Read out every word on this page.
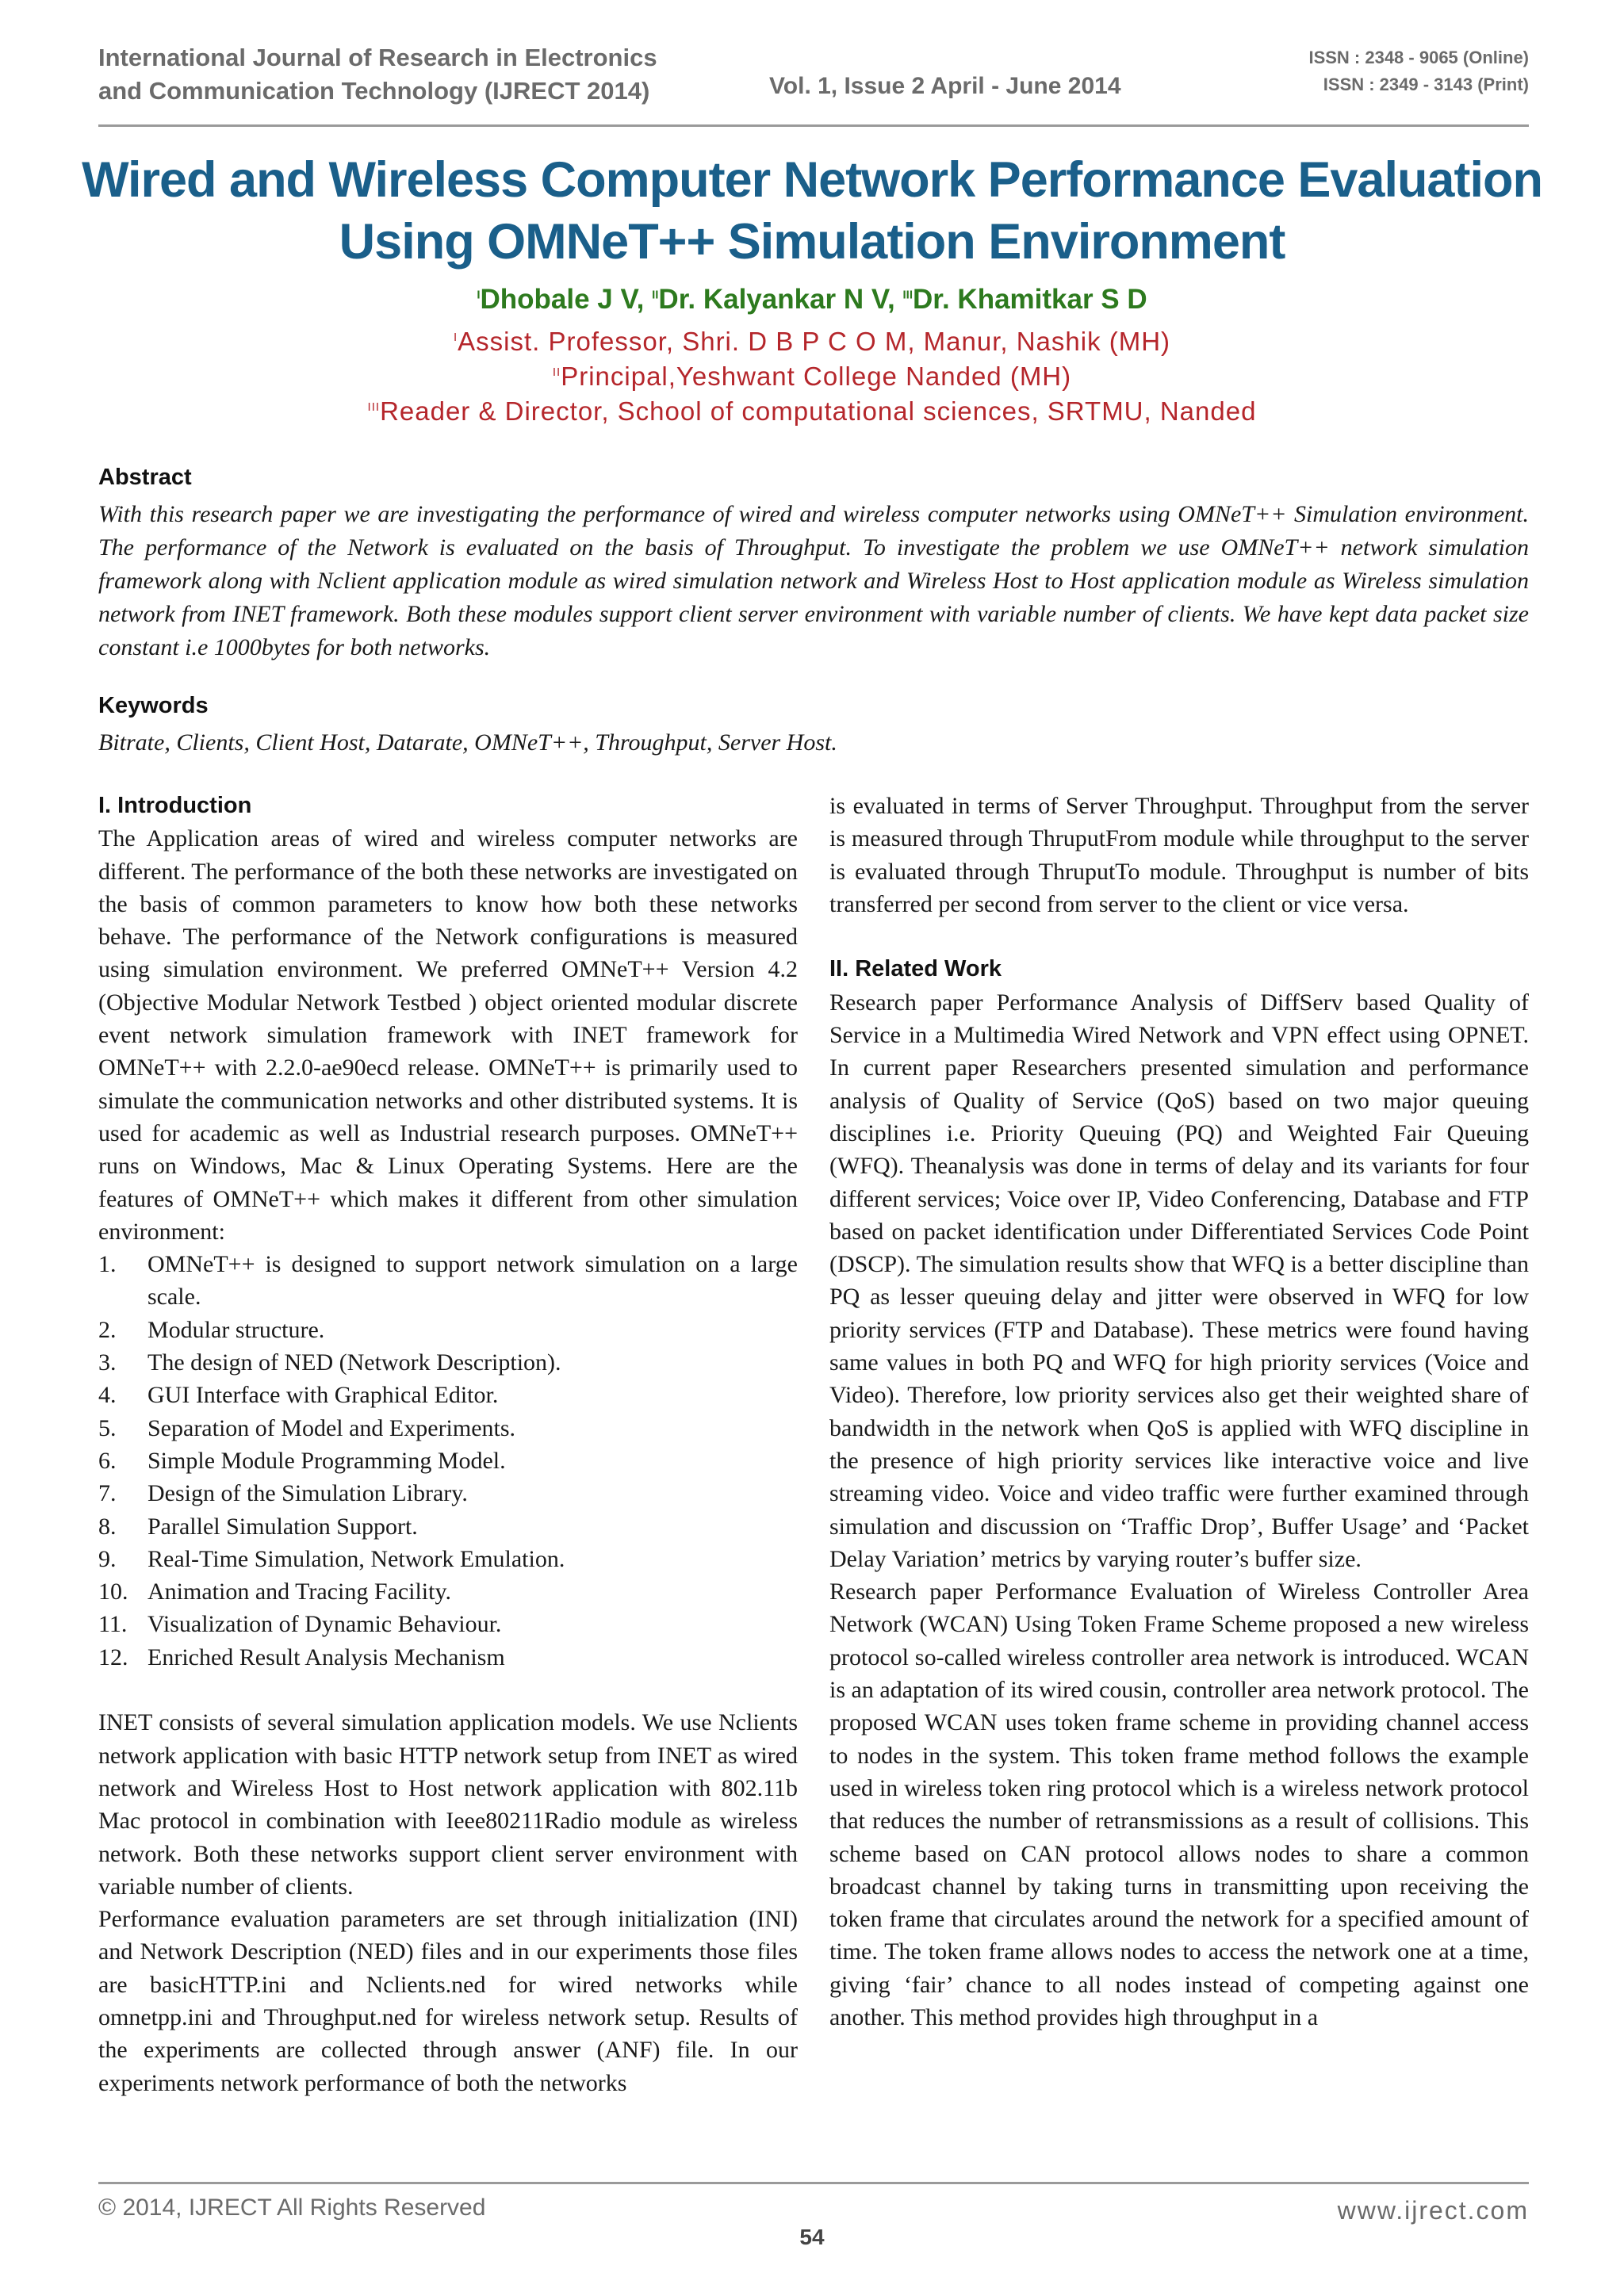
International Journal of Research in Electronics
and Communication Technology (IJRECT 2014)	Vol. 1, Issue 2 April - June 2014
ISSN : 2348 - 9065 (Online)
ISSN : 2349 - 3143 (Print)
Wired and Wireless Computer Network Performance Evaluation
Using OMNeT++ Simulation Environment
$^I$Dhobale J V, $^{II}$Dr. Kalyankar N V, $^{III}$Dr. Khamitkar S D
$^I$Assist. Professor, Shri. D B P C O M, Manur, Nashik (MH)
$^{II}$Principal,Yeshwant College Nanded (MH)
$^{III}$Reader & Director, School of computational sciences, SRTMU, Nanded
Abstract
With this research paper we are investigating the performance of wired and wireless computer networks using OMNeT++ Simulation environment. The performance of the Network is evaluated on the basis of Throughput. To investigate the problem we use OMNeT++ network simulation framework along with Nclient application module as wired simulation network and Wireless Host to Host application module as Wireless simulation network from INET framework. Both these modules support client server environment with variable number of clients. We have kept data packet size constant i.e 1000bytes for both networks.
Keywords
Bitrate, Clients, Client Host, Datarate, OMNeT++, Throughput, Server Host.
I. Introduction

The Application areas of wired and wireless computer networks are different. The performance of the both these networks are investigated on the basis of common parameters to know how both these networks behave. The performance of the Network configurations is measured using simulation environment. We preferred OMNeT++ Version 4.2 (Objective Modular Network Testbed ) object oriented modular discrete event network simulation framework with INET framework for OMNeT++ with 2.2.0-ae90ecd release. OMNeT++ is primarily used to simulate the communication networks and other distributed systems. It is used for academic as well as Industrial research purposes. OMNeT++ runs on Windows, Mac & Linux Operating Systems. Here are the features of OMNeT++ which makes it different from other simulation environment:

1. OMNeT++ is designed to support network simulation on a large scale.
2. Modular structure.
3. The design of NED (Network Description).
4. GUI Interface with Graphical Editor.
5. Separation of Model and Experiments.
6. Simple Module Programming Model.
7. Design of the Simulation Library.
8. Parallel Simulation Support.
9. Real-Time Simulation, Network Emulation.
10. Animation and Tracing Facility.
11. Visualization of Dynamic Behaviour.
12. Enriched Result Analysis Mechanism

INET consists of several simulation application models. We use Nclients network application with basic HTTP network setup from INET as wired network and Wireless Host to Host network application with 802.11b Mac protocol in combination with Ieee80211Radio module as wireless network. Both these networks support client server environment with variable number of clients.

Performance evaluation parameters are set through initialization (INI) and Network Description (NED) files and in our experiments those files are basicHTTP.ini and Nclients.ned for wired networks while omnetpp.ini and Throughput.ned for wireless network setup. Results of the experiments are collected through answer (ANF) file. In our experiments network performance of both the networks

is evaluated in terms of Server Throughput. Throughput from the server is measured through ThruputFrom module while throughput to the server is evaluated through ThruputTo module. Throughput is number of bits transferred per second from server to the client or vice versa.

II. Related Work

Research paper Performance Analysis of DiffServ based Quality of Service in a Multimedia Wired Network and VPN effect using OPNET. In current paper Researchers presented simulation and performance analysis of Quality of Service (QoS) based on two major queuing disciplines i.e. Priority Queuing (PQ) and Weighted Fair Queuing (WFQ). Theanalysis was done in terms of delay and its variants for four different services; Voice over IP, Video Conferencing, Database and FTP based on packet identification under Differentiated Services Code Point (DSCP). The simulation results show that WFQ is a better discipline than PQ as lesser queuing delay and jitter were observed in WFQ for low priority services (FTP and Database). These metrics were found having same values in both PQ and WFQ for high priority services (Voice and Video). Therefore, low priority services also get their weighted share of bandwidth in the network when QoS is applied with WFQ discipline in the presence of high priority services like interactive voice and live streaming video. Voice and video traffic were further examined through simulation and discussion on ‘Traffic Drop’, Buffer Usage’ and ‘Packet Delay Variation’ metrics by varying router’s buffer size.

Research paper Performance Evaluation of Wireless Controller Area Network (WCAN) Using Token Frame Scheme proposed a new wireless protocol so-called wireless controller area network is introduced. WCAN is an adaptation of its wired cousin, controller area network protocol. The proposed WCAN uses token frame scheme in providing channel access to nodes in the system. This token frame method follows the example used in wireless token ring protocol which is a wireless network protocol that reduces the number of retransmissions as a result of collisions. This scheme based on CAN protocol allows nodes to share a common broadcast channel by taking turns in transmitting upon receiving the token frame that circulates around the network for a specified amount of time. The token frame allows nodes to access the network one at a time, giving ‘fair’ chance to all nodes instead of competing against one another. This method provides high throughput in a

© 2014, IJRECT All Rights Reserved
54
www.ijrect.com
